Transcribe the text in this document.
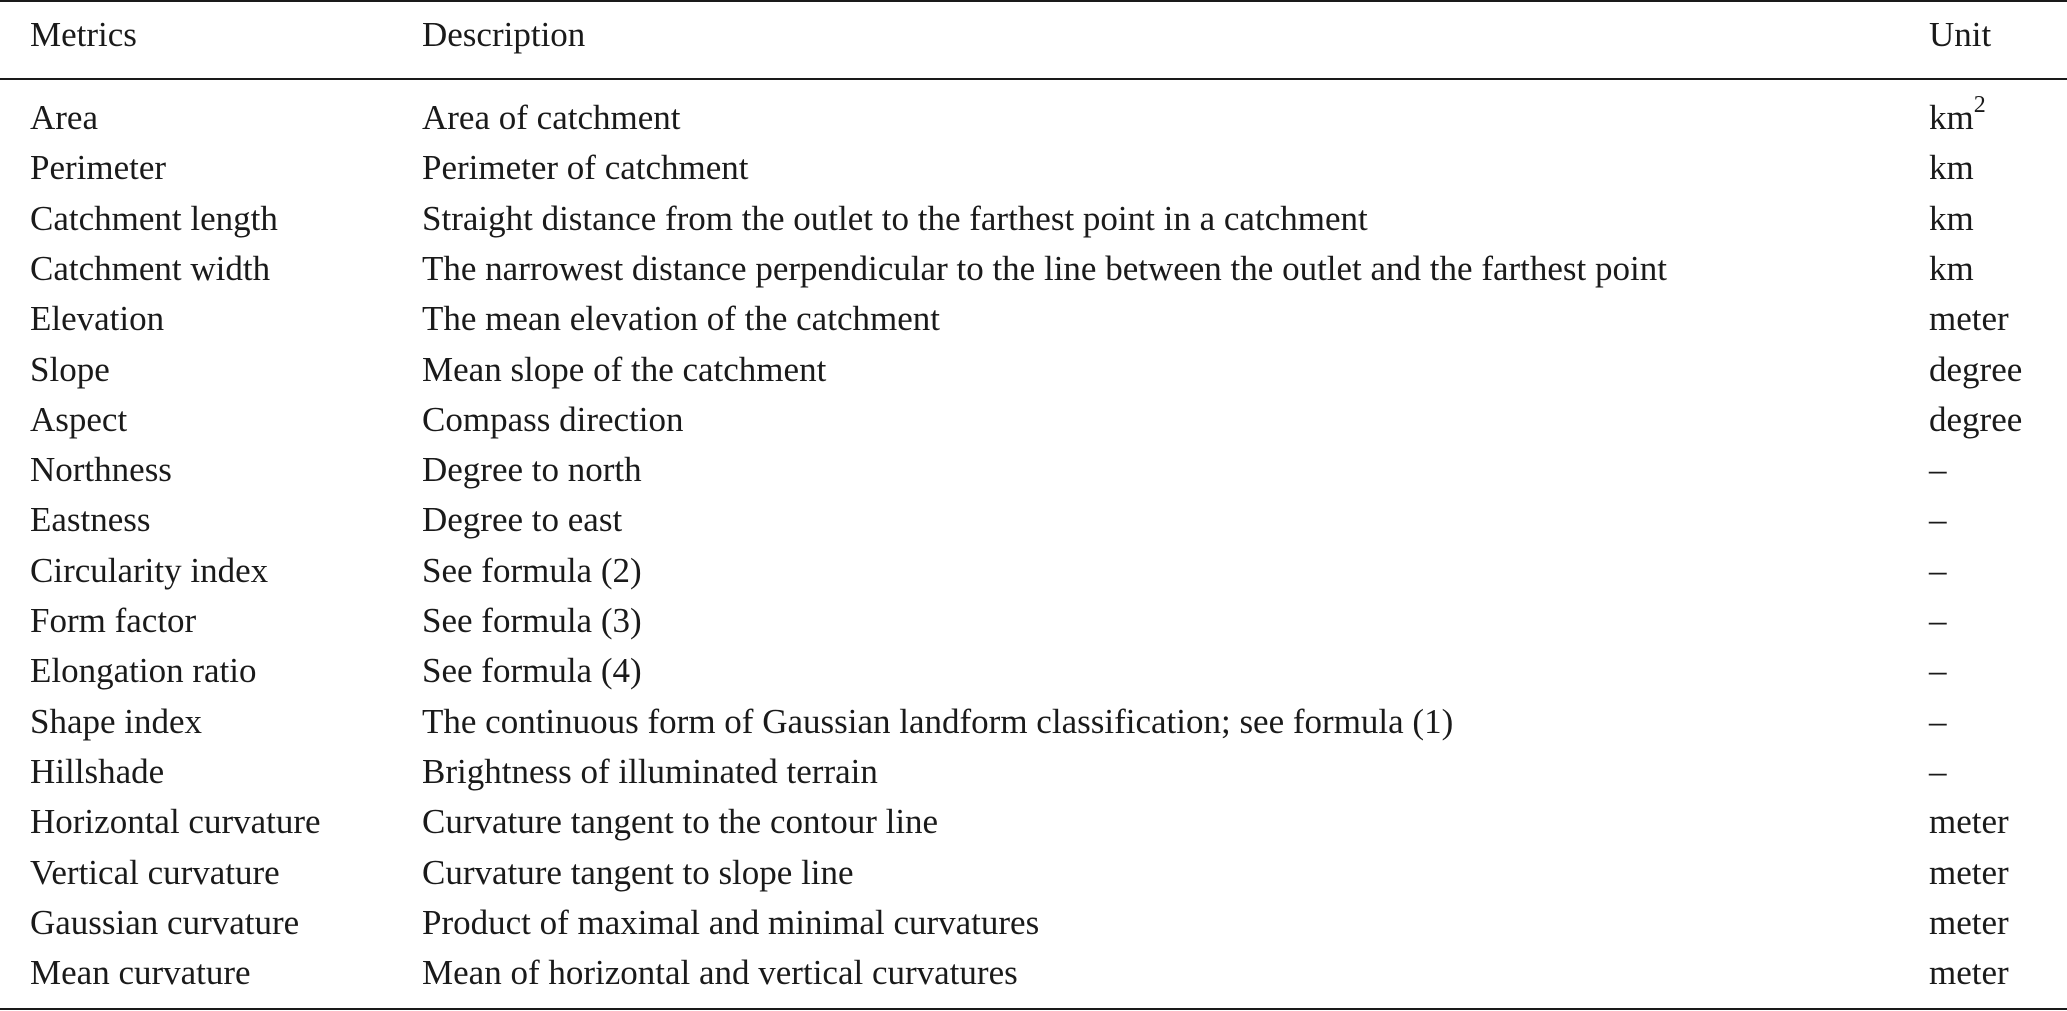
Metrics	Description	Unit
Area	Area of catchment	$km^2$
Perimeter	Perimeter of catchment	km
Catchment length	Straight distance from the outlet to the farthest point in a catchment	km
Catchment width	The narrowest distance perpendicular to the line between the outlet and the farthest point	km
Elevation	The mean elevation of the catchment	meter
Slope	Mean slope of the catchment	degree
Aspect	Compass direction	degree
Northness	Degree to north	–
Eastness	Degree to east	–
Circularity index	See formula (2)	–
Form factor	See formula (3)	–
Elongation ratio	See formula (4)	–
Shape index	The continuous form of Gaussian landform classification; see formula (1)	–
Hillshade	Brightness of illuminated terrain	–
Horizontal curvature	Curvature tangent to the contour line	meter
Vertical curvature	Curvature tangent to slope line	meter
Gaussian curvature	Product of maximal and minimal curvatures	meter
Mean curvature	Mean of horizontal and vertical curvatures	meter
